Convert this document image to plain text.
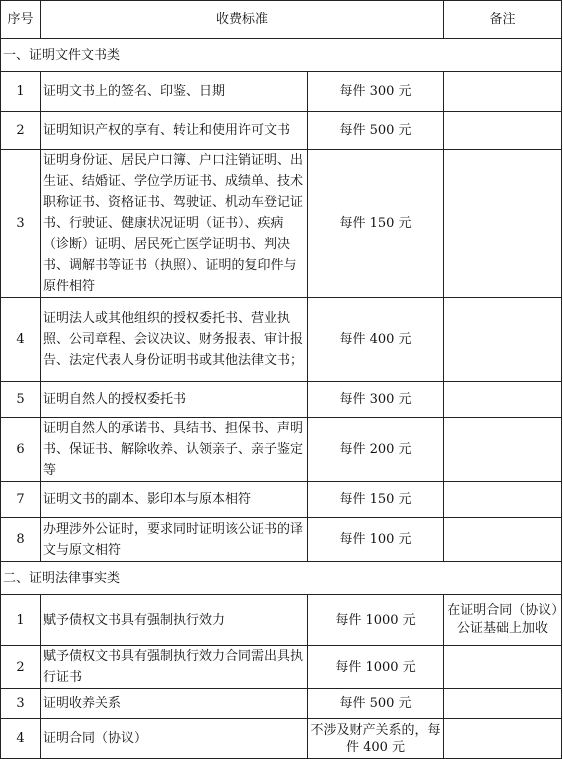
序号	收费标准		备注
一、证明文件文书类			
1	证明文书上的签名、印鉴、日期	每件 300 元	
2	证明知识产权的享有、转让和使用许可文书	每件 500 元	
3	证明身份证、居民户口簿、户口注销证明、出生证、结婚证、学位学历证书、成绩单、技术职称证书、资格证书、驾驶证、机动车登记证书、行驶证、健康状况证明（证书）、疾病（诊断）证明、居民死亡医学证明书、判决书、调解书等证书（执照）、证明的复印件与原件相符	每件 150 元	
4	证明法人或其他组织的授权委托书、营业执照、公司章程、会议决议、财务报表、审计报告、法定代表人身份证明书或其他法律文书；	每件 400 元	
5	证明自然人的授权委托书	每件 300 元	
6	证明自然人的承诺书、具结书、担保书、声明书、保证书、解除收养、认领亲子、亲子鉴定等	每件 200 元	
7	证明文书的副本、影印本与原本相符	每件 150 元	
8	办理涉外公证时，要求同时证明该公证书的译文与原文相符	每件 100 元	
二、证明法律事实类			
1	赋予债权文书具有强制执行效力	每件 1000 元	在证明合同（协议）公证基础上加收
2	赋予债权文书具有强制执行效力合同需出具执行证书	每件 1000 元	
3	证明收养关系	每件 500 元	
4	证明合同（协议）	不涉及财产关系的，每件 400 元	
